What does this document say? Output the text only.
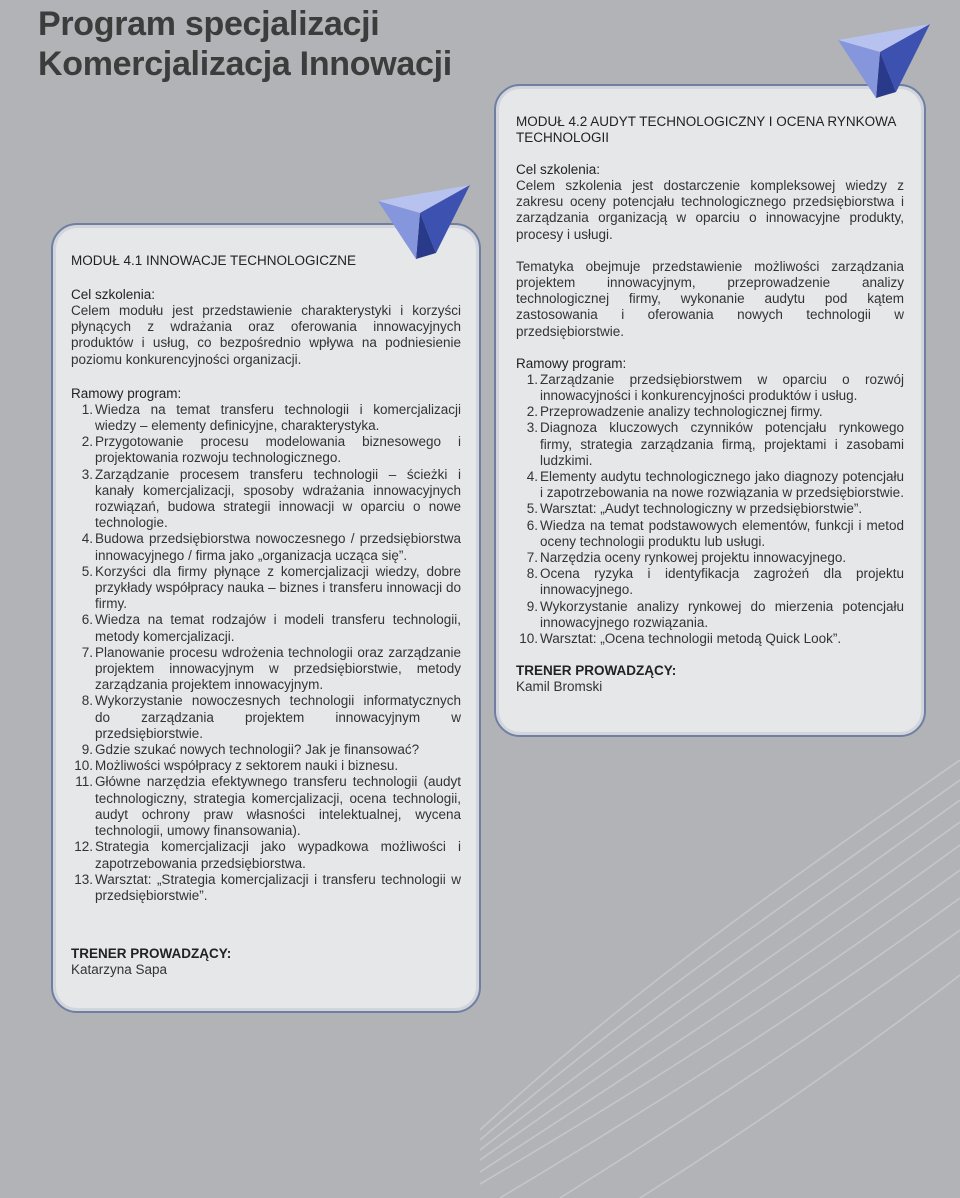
Program specjalizacji
Komercjalizacja Innowacji
MODUŁ 4.1 INNOWACJE TECHNOLOGICZNE
Cel szkolenia:

Celem modułu jest przedstawienie charakterystyki i korzyści płynących z wdrażania oraz oferowania innowacyjnych produktów i usług, co bezpośrednio wpływa na podniesienie poziomu konkurencyjności organizacji.

Ramowy program:
1. Wiedza na temat transferu technologii i komercjalizacji wiedzy – elementy definicyjne, charakterystyka.
2. Przygotowanie procesu modelowania biznesowego i projektowania rozwoju technologicznego.
3. Zarządzanie procesem transferu technologii – ścieżki i kanały komercjalizacji, sposoby wdrażania innowacyjnych rozwiązań, budowa strategii innowacji w oparciu o nowe technologie.
4. Budowa przedsiębiorstwa nowoczesnego / przedsiębiorstwa innowacyjnego / firma jako „organizacja ucząca się”.
5. Korzyści dla firmy płynące z komercjalizacji wiedzy, dobre przykłady współpracy nauka – biznes i transferu innowacji do firmy.
6. Wiedza na temat rodzajów i modeli transferu technologii, metody komercjalizacji.
7. Planowanie procesu wdrożenia technologii oraz zarządzanie projektem innowacyjnym w przedsiębiorstwie, metody zarządzania projektem innowacyjnym.
8. Wykorzystanie nowoczesnych technologii informatycznych do zarządzania projektem innowacyjnym w przedsiębiorstwie.
9. Gdzie szukać nowych technologii? Jak je finansować?
10. Możliwości współpracy z sektorem nauki i biznesu.
11. Główne narzędzia efektywnego transferu technologii (audyt technologiczny, strategia komercjalizacji, ocena technologii, audyt ochrony praw własności intelektualnej, wycena technologii, umowy finansowania).
12. Strategia komercjalizacji jako wypadkowa możliwości i zapotrzebowania przedsiębiorstwa.
13. Warsztat: „Strategia komercjalizacji i transferu technologii w przedsiębiorstwie”.
TRENER PROWADZĄCY:

Katarzyna Sapa

MODUŁ 4.2 AUDYT TECHNOLOGICZNY I OCENA RYNKOWA TECHNOLOGII
Cel szkolenia:

Celem szkolenia jest dostarczenie kompleksowej wiedzy z zakresu oceny potencjału technologicznego przedsiębiorstwa i zarządzania organizacją w oparciu o innowacyjne produkty, procesy i usługi.

Tematyka obejmuje przedstawienie możliwości zarządzania projektem innowacyjnym, przeprowadzenie analizy technologicznej firmy, wykonanie audytu pod kątem zastosowania i oferowania nowych technologii w przedsiębiorstwie.

Ramowy program:
1. Zarządzanie przedsiębiorstwem w oparciu o rozwój innowacyjności i konkurencyjności produktów i usług.
2. Przeprowadzenie analizy technologicznej firmy.
3. Diagnoza kluczowych czynników potencjału rynkowego firmy, strategia zarządzania firmą, projektami i zasobami ludzkimi.
4. Elementy audytu technologicznego jako diagnozy potencjału i zapotrzebowania na nowe rozwiązania w przedsiębiorstwie.
5. Warsztat: „Audyt technologiczny w przedsiębiorstwie”.
6. Wiedza na temat podstawowych elementów, funkcji i metod oceny technologii produktu lub usługi.
7. Narzędzia oceny rynkowej projektu innowacyjnego.
8. Ocena ryzyka i identyfikacja zagrożeń dla projektu innowacyjnego.
9. Wykorzystanie analizy rynkowej do mierzenia potencjału innowacyjnego rozwiązania.
10. Warsztat: „Ocena technologii metodą Quick Look”.
TRENER PROWADZĄCY:

Kamil Bromski
